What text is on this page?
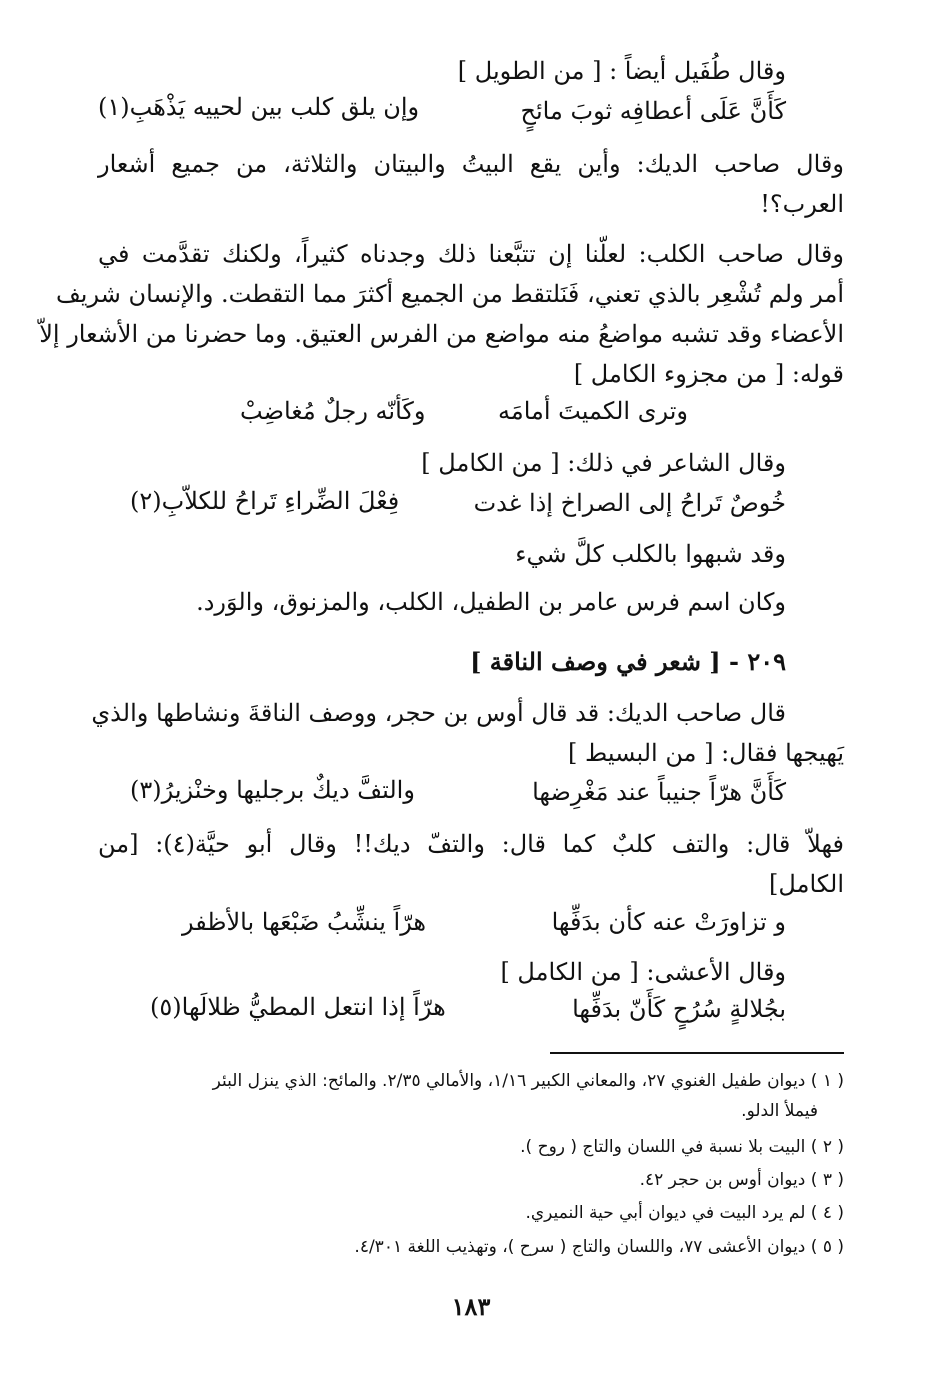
وقال طُفَيل أيضاً : [ من الطويل ]
كَأَنَّ عَلَى أعطافِه ثوبَ مائحٍ
وإن يلق كلب بين لحييه يَذْهَبِ(١)
وقال صاحب الديك: وأين يقع البيتُ والبيتان والثلاثة، من جميع أشعار
العرب؟!
وقال صاحب الكلب: لعلّنا إن تتبَّعنا ذلك وجدناه كثيراً، ولكنك تقدَّمت في
أمر ولم تُشْعِر بالذي تعني، فَنَلتقط من الجميع أكثرَ مما التقطت. والإنسان شريف
الأعضاء وقد تشبه مواضعُ منه مواضع من الفرس العتيق. وما حضرنا من الأشعار إلاّ
قوله: [ من مجزوء الكامل ]
وترى الكميتَ أمامَه
وكَأنّه رجلٌ مُغاضِبْ
وقال الشاعر في ذلك: [ من الكامل ]
خُوصٌ تَراحُ إلى الصراخ إذا غدت
فِعْلَ الضِّراءِ تَراحُ للكلاّبِ(٢)
وقد شبهوا بالكلب كلَّ شيء
وكان اسم فرس عامر بن الطفيل، الكلب، والمزنوق، والوَرد.
٢٠٩ - [ شعر في وصف الناقة ]
قال صاحب الديك: قد قال أوس بن حجر، ووصف الناقةَ ونشاطها والذي
يَهيجها فقال: [ من البسيط ]
كَأَنَّ هرّاً جنيباً عند مَغْرِضها
والتفَّ ديكٌ برجليها وخنْزيرُ(٣)
فهلاّ قال: والتف كلبٌ كما قال: والتفّ ديك!! وقال أبو حيَّة(٤): [من
الكامل]
و تزاورَتْ عنه كأن بدَفِّها
هرّاً ينشِّبُ ضَبْعَها بالأظفر
وقال الأعشى: [ من الكامل ]
بجُلالةٍ سُرُحٍ كَأَنّ بدَفِّها
هرّاً إذا انتعل المطيُّ ظلالَها(٥)
( ١ ) ديوان طفيل الغنوي ٢٧، والمعاني الكبير ١/١٦، والأمالي ٢/٣٥. والمائح: الذي ينزل البئر
فيملأ الدلو.
( ٢ ) البيت بلا نسبة في اللسان والتاج ( روح ).
( ٣ ) ديوان أوس بن حجر ٤٢.
( ٤ ) لم يرد البيت في ديوان أبي حية النميري.
( ٥ ) ديوان الأعشى ٧٧، واللسان والتاج ( سرح )، وتهذيب اللغة ٤/٣٠١.
١٨٣
